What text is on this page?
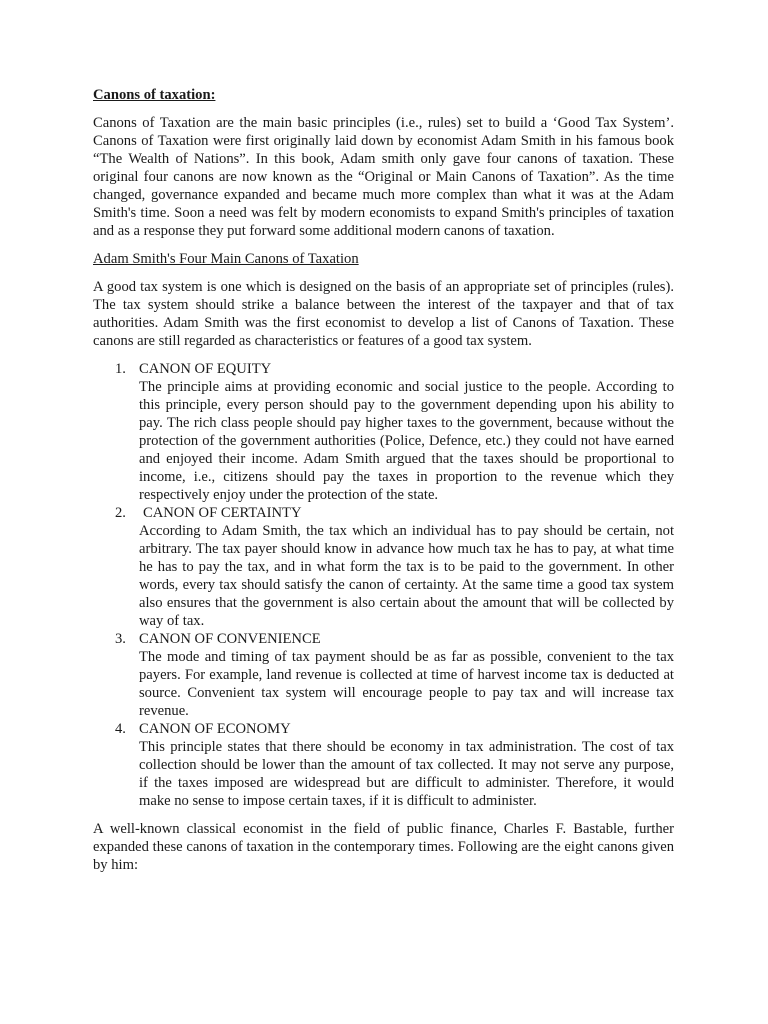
Canons of taxation:

Canons of Taxation are the main basic principles (i.e., rules) set to build a ‘Good Tax System’. Canons of Taxation were first originally laid down by economist Adam Smith in his famous book “The Wealth of Nations”. In this book, Adam smith only gave four canons of taxation. These original four canons are now known as the “Original or Main Canons of Taxation”. As the time changed, governance expanded and became much more complex than what it was at the Adam Smith's time. Soon a need was felt by modern economists to expand Smith's principles of taxation and as a response they put forward some additional modern canons of taxation.

Adam Smith's Four Main Canons of Taxation

A good tax system is one which is designed on the basis of an appropriate set of principles (rules). The tax system should strike a balance between the interest of the taxpayer and that of tax authorities. Adam Smith was the first economist to develop a list of Canons of Taxation. These canons are still regarded as characteristics or features of a good tax system.

1. CANON OF EQUITY
The principle aims at providing economic and social justice to the people. According to this principle, every person should pay to the government depending upon his ability to pay. The rich class people should pay higher taxes to the government, because without the protection of the government authorities (Police, Defence, etc.) they could not have earned and enjoyed their income. Adam Smith argued that the taxes should be proportional to income, i.e., citizens should pay the taxes in proportion to the revenue which they respectively enjoy under the protection of the state.
2. CANON OF CERTAINTY
According to Adam Smith, the tax which an individual has to pay should be certain, not arbitrary. The tax payer should know in advance how much tax he has to pay, at what time he has to pay the tax, and in what form the tax is to be paid to the government. In other words, every tax should satisfy the canon of certainty. At the same time a good tax system also ensures that the government is also certain about the amount that will be collected by way of tax.
3. CANON OF CONVENIENCE
The mode and timing of tax payment should be as far as possible, convenient to the tax payers. For example, land revenue is collected at time of harvest income tax is deducted at source. Convenient tax system will encourage people to pay tax and will increase tax revenue.
4. CANON OF ECONOMY
This principle states that there should be economy in tax administration. The cost of tax collection should be lower than the amount of tax collected. It may not serve any purpose, if the taxes imposed are widespread but are difficult to administer. Therefore, it would make no sense to impose certain taxes, if it is difficult to administer.

A well-known classical economist in the field of public finance, Charles F. Bastable, further expanded these canons of taxation in the contemporary times. Following are the eight canons given by him:
